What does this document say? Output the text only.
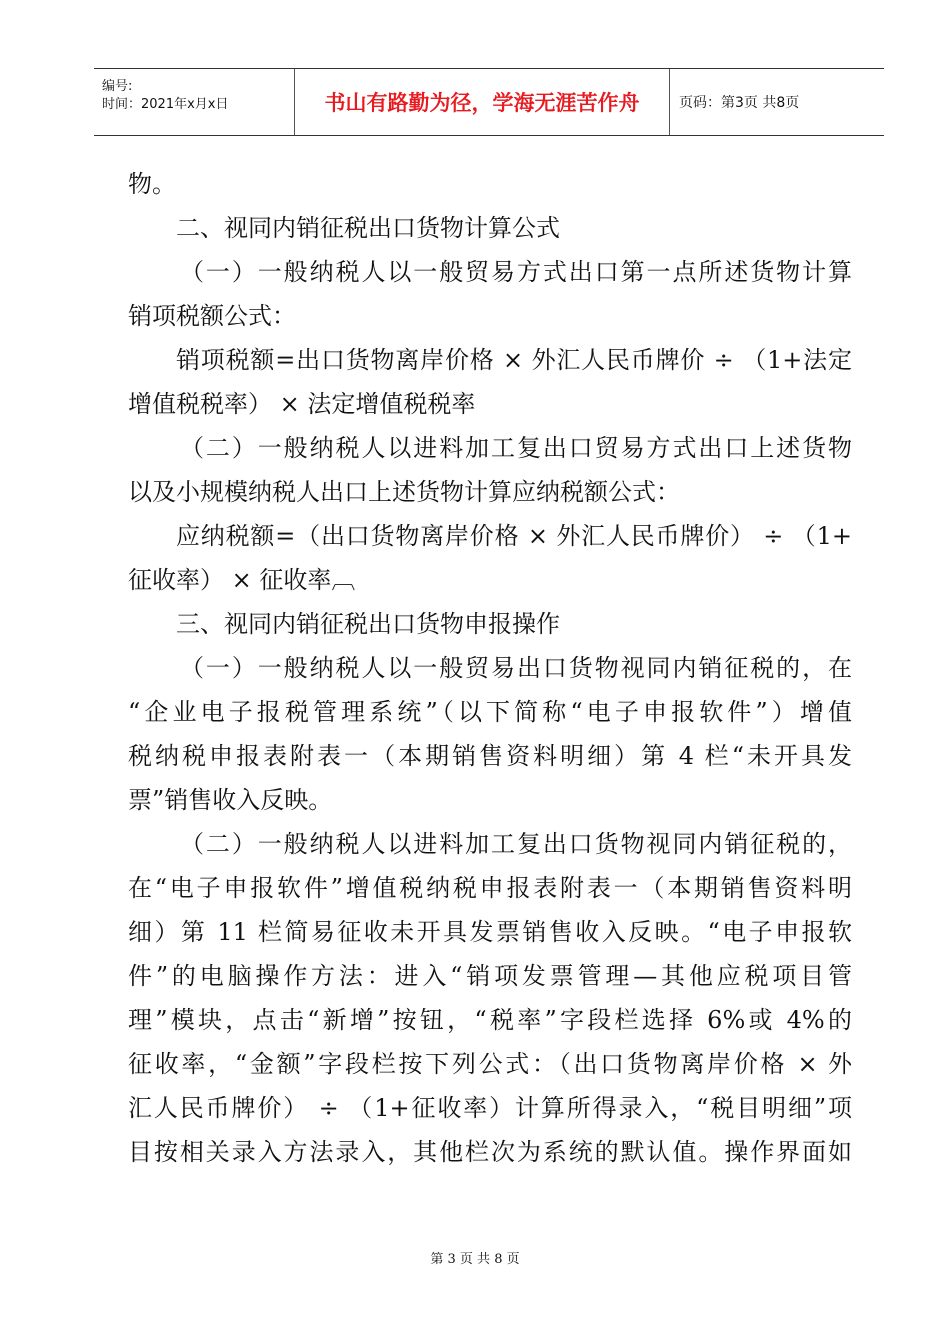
编号:
时间：2021年x月x日	书山有路勤为径，学海无涯苦作舟	页码：第3页 共8页
物。
二、视同内销征税出口货物计算公式
（一）一般纳税人以一般贸易方式出口第一点所述货物计算
销项税额公式：
销项税额=出口货物离岸价格 × 外汇人民币牌价 ÷ （1+法定
增值税税率） × 法定增值税税率
（二）一般纳税人以进料加工复出口贸易方式出口上述货物
以及小规模纳税人出口上述货物计算应纳税额公式：
应纳税额=（出口货物离岸价格 × 外汇人民币牌价） ÷ （1+
征收率） × 征收率︹
三、视同内销征税出口货物申报操作
（一）一般纳税人以一般贸易出口货物视同内销征税的，在
“企业电子报税管理系统”（以下简称“电子申报软件”）增值
税纳税申报表附表一（本期销售资料明细）第 4 栏“未开具发
票”销售收入反映。
（二）一般纳税人以进料加工复出口货物视同内销征税的，
在“电子申报软件”增值税纳税申报表附表一（本期销售资料明
细）第 11 栏简易征收未开具发票销售收入反映。“电子申报软
件”的电脑操作方法：进入“销项发票管理—其他应税项目管
理”模块，点击“新增”按钮，“税率”字段栏选择 6%或 4%的
征收率，“金额”字段栏按下列公式：（出口货物离岸价格 × 外
汇人民币牌价） ÷ （1+征收率）计算所得录入，“税目明细”项
目按相关录入方法录入，其他栏次为系统的默认值。操作界面如
第 3 页 共 8 页
